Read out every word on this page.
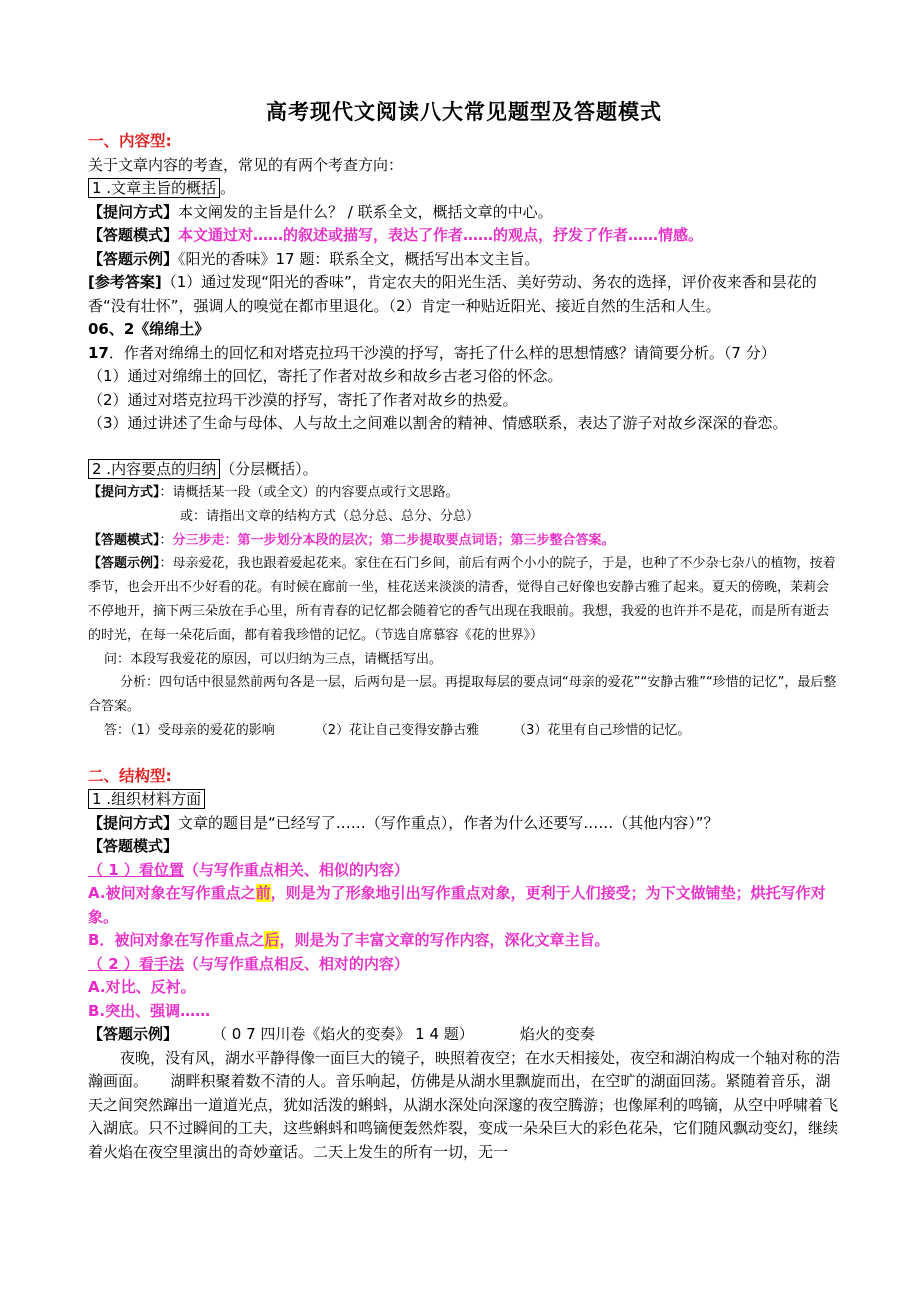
高考现代文阅读八大常见题型及答题模式
一、内容型:
关于文章内容的考查，常见的有两个考查方向：
1 .文章主旨的概括 。
【提问方式】本文阐发的主旨是什么？ / 联系全文，概括文章的中心。
【答题模式】本文通过对……的叙述或描写，表达了作者……的观点，抒发了作者……情感。
【答题示例】《阳光的香味》17 题：联系全文，概括写出本文主旨。
[参考答案]（1）通过发现“阳光的香味”，肯定农夫的阳光生活、美好劳动、务农的选择，评价夜来香和昙花的香“没有壮怀”，强调人的嗅觉在都市里退化。（2）肯定一种贴近阳光、接近自然的生活和人生。
06、2《绵绵土》
17．作者对绵绵土的回忆和对塔克拉玛干沙漠的抒写，寄托了什么样的思想情感？请简要分析。（7 分）
（1）通过对绵绵土的回忆，寄托了作者对故乡和故乡古老习俗的怀念。
（2）通过对塔克拉玛干沙漠的抒写，寄托了作者对故乡的热爱。
（3）通过讲述了生命与母体、人与故土之间难以割舍的精神、情感联系，表达了游子对故乡深深的眷恋。
2 .内容要点的归纳 （分层概括）。
【提问方式】：请概括某一段（或全文）的内容要点或行文思路。
或：请指出文章的结构方式（总分总、总分、分总）
【答题模式】：分三步走：第一步划分本段的层次；第二步提取要点词语；第三步整合答案。
【答题示例】：母亲爱花，我也跟着爱起花来。家住在石门乡间，前后有两个小小的院子，于是，也种了不少杂七杂八的植物，按着季节，也会开出不少好看的花。有时候在廊前一坐，桂花送来淡淡的清香，觉得自己好像也安静古雅了起来。夏天的傍晚，茉莉会不停地开，摘下两三朵放在手心里，所有青春的记忆都会随着它的香气出现在我眼前。我想，我爱的也许并不是花，而是所有逝去的时光，在每一朵花后面，都有着我珍惜的记忆。（节选自席慕容《花的世界》）
问：本段写我爱花的原因，可以归纳为三点，请概括写出。
分析：四句话中很显然前两句各是一层，后两句是一层。再提取每层的要点词“母亲的爱花”“安静古雅”“珍惜的记忆”，最后整合答案。
答：（1）受母亲的爱花的影响	（2）花让自己变得安静古雅	（3）花里有自己珍惜的记忆。
二、结构型:
1 .组织材料方面
【提问方式】文章的题目是“已经写了……（写作重点），作者为什么还要写……（其他内容）”？
【答题模式】
（ 1 ）看位置（与写作重点相关、相似的内容）
A.被问对象在写作重点之前，则是为了形象地引出写作重点对象，更利于人们接受；为下文做铺垫；烘托写作对象。
B．被问对象在写作重点之后，则是为了丰富文章的写作内容，深化文章主旨。
（ 2 ）看手法（与写作重点相反、相对的内容）
A.对比、反衬。
B.突出、强调……
【答题示例】 （ 0 7 四川卷《焰火的变奏》 1 4 题）	焰火的变奏
夜晚，没有风，湖水平静得像一面巨大的镜子，映照着夜空；在水天相接处，夜空和湖泊构成一个轴对称的浩瀚画面。　　湖畔积聚着数不清的人。音乐响起，仿佛是从湖水里飘旋而出，在空旷的湖面回荡。紧随着音乐，湖天之间突然蹿出一道道光点，犹如活泼的蝌蚪，从湖水深处向深邃的夜空腾游；也像犀利的鸣镝，从空中呼啸着飞入湖底。只不过瞬间的工夫，这些蝌蚪和鸣镝便轰然炸裂，变成一朵朵巨大的彩色花朵，它们随风飘动变幻，继续着火焰在夜空里演出的奇妙童话。二天上发生的所有一切，无一
